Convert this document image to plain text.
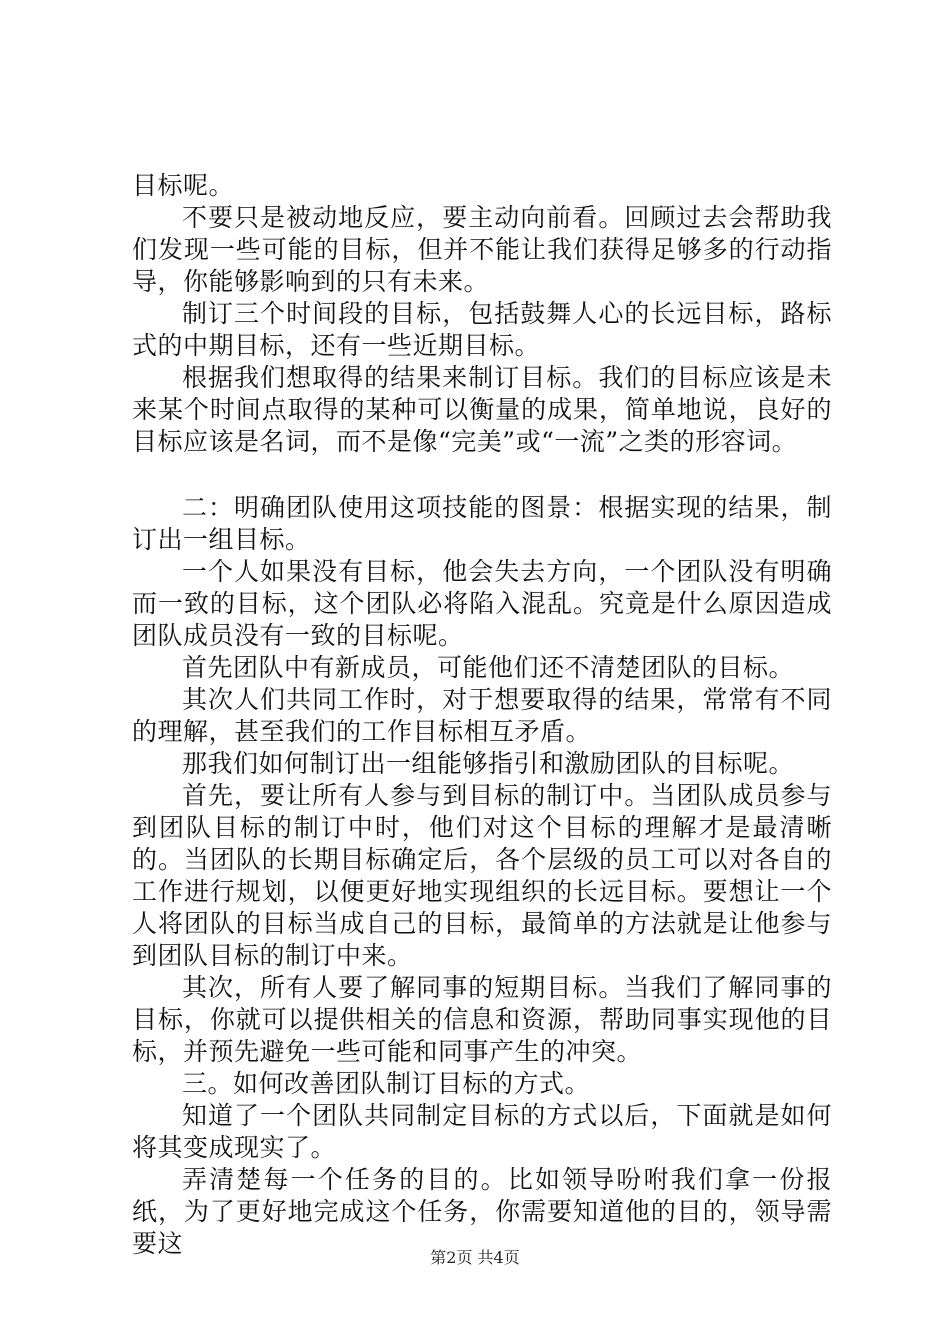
目标呢。

不要只是被动地反应，要主动向前看。回顾过去会帮助我们发现一些可能的目标，但并不能让我们获得足够多的行动指导，你能够影响到的只有未来。

制订三个时间段的目标，包括鼓舞人心的长远目标，路标式的中期目标，还有一些近期目标。

根据我们想取得的结果来制订目标。我们的目标应该是未来某个时间点取得的某种可以衡量的成果，简单地说，良好的目标应该是名词，而不是像“完美”或“一流”之类的形容词。

二：明确团队使用这项技能的图景：根据实现的结果，制订出一组目标。

一个人如果没有目标，他会失去方向，一个团队没有明确而一致的目标，这个团队必将陷入混乱。究竟是什么原因造成团队成员没有一致的目标呢。

首先团队中有新成员，可能他们还不清楚团队的目标。

其次人们共同工作时，对于想要取得的结果，常常有不同的理解，甚至我们的工作目标相互矛盾。

那我们如何制订出一组能够指引和激励团队的目标呢。

首先，要让所有人参与到目标的制订中。当团队成员参与到团队目标的制订中时，他们对这个目标的理解才是最清晰的。当团队的长期目标确定后，各个层级的员工可以对各自的工作进行规划，以便更好地实现组织的长远目标。要想让一个人将团队的目标当成自己的目标，最简单的方法就是让他参与到团队目标的制订中来。

其次，所有人要了解同事的短期目标。当我们了解同事的目标，你就可以提供相关的信息和资源，帮助同事实现他的目标，并预先避免一些可能和同事产生的冲突。

三。如何改善团队制订目标的方式。

知道了一个团队共同制定目标的方式以后，下面就是如何将其变成现实了。

弄清楚每一个任务的目的。比如领导吩咐我们拿一份报纸，为了更好地完成这个任务，你需要知道他的目的，领导需要这	第2页 共4页
